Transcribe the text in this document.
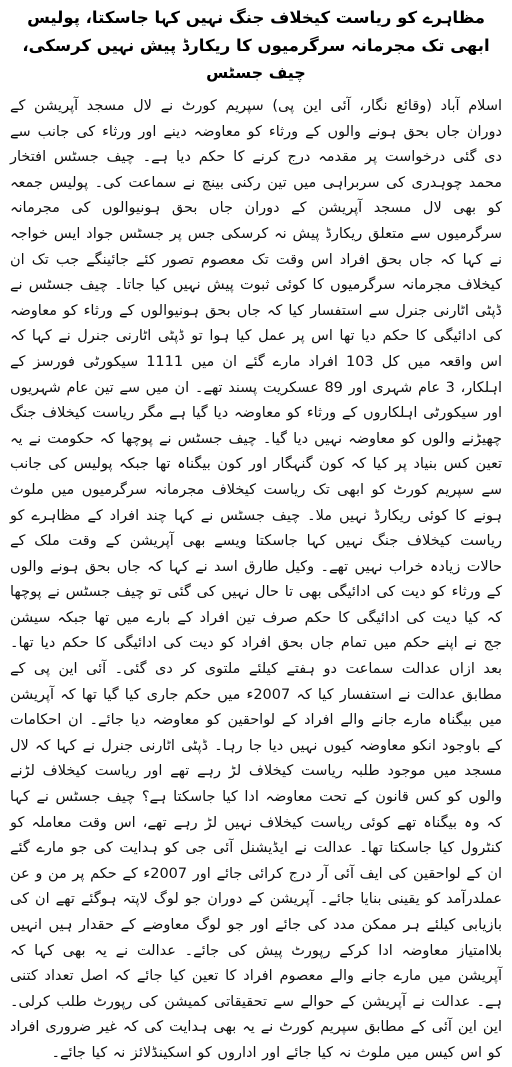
مظاہرے کو ریاست کیخلاف جنگ نہیں کہا جاسکتا، پولیس ابھی تک مجرمانہ سرگرمیوں کا ریکارڈ پیش نہیں کرسکی،
چیف جسٹس

اسلام آباد (وقائع نگار، آئی این پی) سپریم کورٹ نے لال مسجد آپریشن کے دوران جاں بحق ہونے والوں کے ورثاء کو معاوضہ دینے اور ورثاء کی جانب سے دی گئی درخواست پر مقدمہ درج کرنے کا حکم دیا ہے۔ چیف جسٹس افتخار محمد چوہدری کی سربراہی میں تین رکنی بینچ نے سماعت کی۔ پولیس جمعہ کو بھی لال مسجد آپریشن کے دوران جاں بحق ہونیوالوں کی مجرمانہ سرگرمیوں سے متعلق ریکارڈ پیش نہ کرسکی جس پر جسٹس جواد ایس خواجہ نے کہا کہ جاں بحق افراد اس وقت تک معصوم تصور کئے جائینگے جب تک ان کیخلاف مجرمانہ سرگرمیوں کا کوئی ثبوت پیش نہیں کیا جاتا۔ چیف جسٹس نے ڈپٹی اٹارنی جنرل سے استفسار کیا کہ جاں بحق ہونیوالوں کے ورثاء کو معاوضہ کی ادائیگی کا حکم دیا تھا اس پر عمل کیا ہوا تو ڈپٹی اٹارنی جنرل نے کہا کہ اس واقعہ میں کل 103 افراد مارے گئے ان میں 1111 سیکورٹی فورسز کے اہلکار، 3 عام شہری اور 89 عسکریت پسند تھے۔ ان میں سے تین عام شہریوں اور سیکورٹی اہلکاروں کے ورثاء کو معاوضہ دیا گیا ہے مگر ریاست کیخلاف جنگ چھیڑنے والوں کو معاوضہ نہیں دیا گیا۔ چیف جسٹس نے پوچھا کہ حکومت نے یہ تعین کس بنیاد پر کیا کہ کون گنہگار اور کون بیگناہ تھا جبکہ پولیس کی جانب سے سپریم کورٹ کو ابھی تک ریاست کیخلاف مجرمانہ سرگرمیوں میں ملوث ہونے کا کوئی ریکارڈ نہیں ملا۔ چیف جسٹس نے کہا چند افراد کے مظاہرے کو ریاست کیخلاف جنگ نہیں کہا جاسکتا ویسے بھی آپریشن کے وقت ملک کے حالات زیادہ خراب نہیں تھے۔ وکیل طارق اسد نے کہا کہ جاں بحق ہونے والوں کے ورثاء کو دیت کی ادائیگی بھی تا حال نہیں کی گئی تو چیف جسٹس نے پوچھا کہ کیا دیت کی ادائیگی کا حکم صرف تین افراد کے بارے میں تھا جبکہ سیشن جج نے اپنے حکم میں تمام جاں بحق افراد کو دیت کی ادائیگی کا حکم دیا تھا۔ بعد ازاں عدالت سماعت دو ہفتے کیلئے ملتوی کر دی گئی۔ آئی این پی کے مطابق عدالت نے استفسار کیا کہ 2007ء میں حکم جاری کیا گیا تھا کہ آپریشن میں بیگناہ مارے جانے والے افراد کے لواحقین کو معاوضہ دیا جائے۔ ان احکامات کے باوجود انکو معاوضہ کیوں نہیں دیا جا رہا۔ ڈپٹی اٹارنی جنرل نے کہا کہ لال مسجد میں موجود طلبہ ریاست کیخلاف لڑ رہے تھے اور ریاست کیخلاف لڑنے والوں کو کس قانون کے تحت معاوضہ ادا کیا جاسکتا ہے؟ چیف جسٹس نے کہا کہ وہ بیگناہ تھے کوئی ریاست کیخلاف نہیں لڑ رہے تھے، اس وقت معاملہ کو کنٹرول کیا جاسکتا تھا۔ عدالت نے ایڈیشنل آئی جی کو ہدایت کی جو مارے گئے ان کے لواحقین کی ایف آئی آر درج کرائی جائے اور 2007ء کے حکم پر من و عن عملدرآمد کو یقینی بنایا جائے۔ آپریشن کے دوران جو لوگ لاپتہ ہوگئے تھے ان کی بازیابی کیلئے ہر ممکن مدد کی جائے اور جو لوگ معاوضے کے حقدار ہیں انہیں بلاامتیاز معاوضہ ادا کرکے رپورٹ پیش کی جائے۔ عدالت نے یہ بھی کہا کہ آپریشن میں مارے جانے والے معصوم افراد کا تعین کیا جائے کہ اصل تعداد کتنی ہے۔ عدالت نے آپریشن کے حوالے سے تحقیقاتی کمیشن کی رپورٹ طلب کرلی۔ این این آئی کے مطابق سپریم کورٹ نے یہ بھی ہدایت کی کہ غیر ضروری افراد کو اس کیس میں ملوث نہ کیا جائے اور اداروں کو اسکینڈلائز نہ کیا جائے۔
